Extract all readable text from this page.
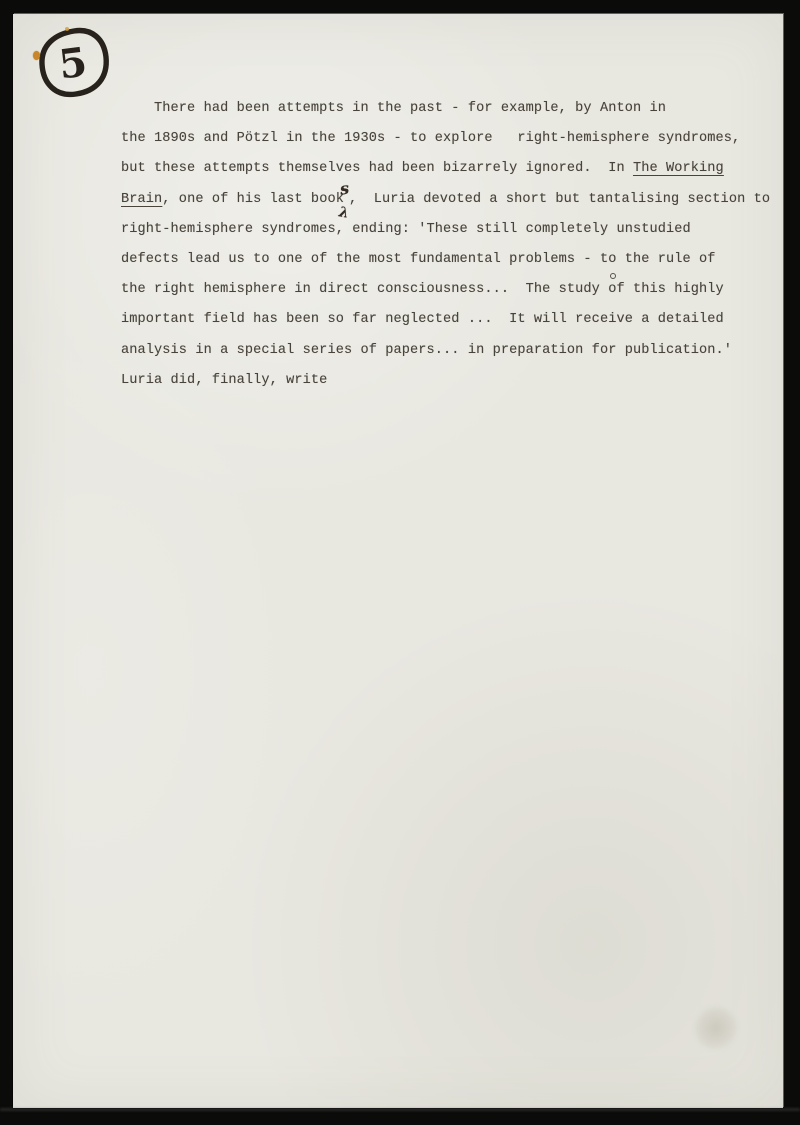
5
There had been attempts in the past - for example, by Anton in
the 1890s and Pötzl in the 1930s - to explore   right-hemisphere syndromes,
but these attempts themselves had been bizarrely ignored.  In The Working
Brain, one of his last book
s
λ
,  Luria devoted a short but tantalising section to
right-hemisphere syndromes, ending: 'These still completely unstudied
defects lead us to one of the most fundamental problems - to the rule of
the right hemisphere in direct consciousness...  The study of this highly
important field has been so far neglected ...  It will receive a detailed
analysis in a special series of papers... in preparation for publication.'
Luria did, finally, write
